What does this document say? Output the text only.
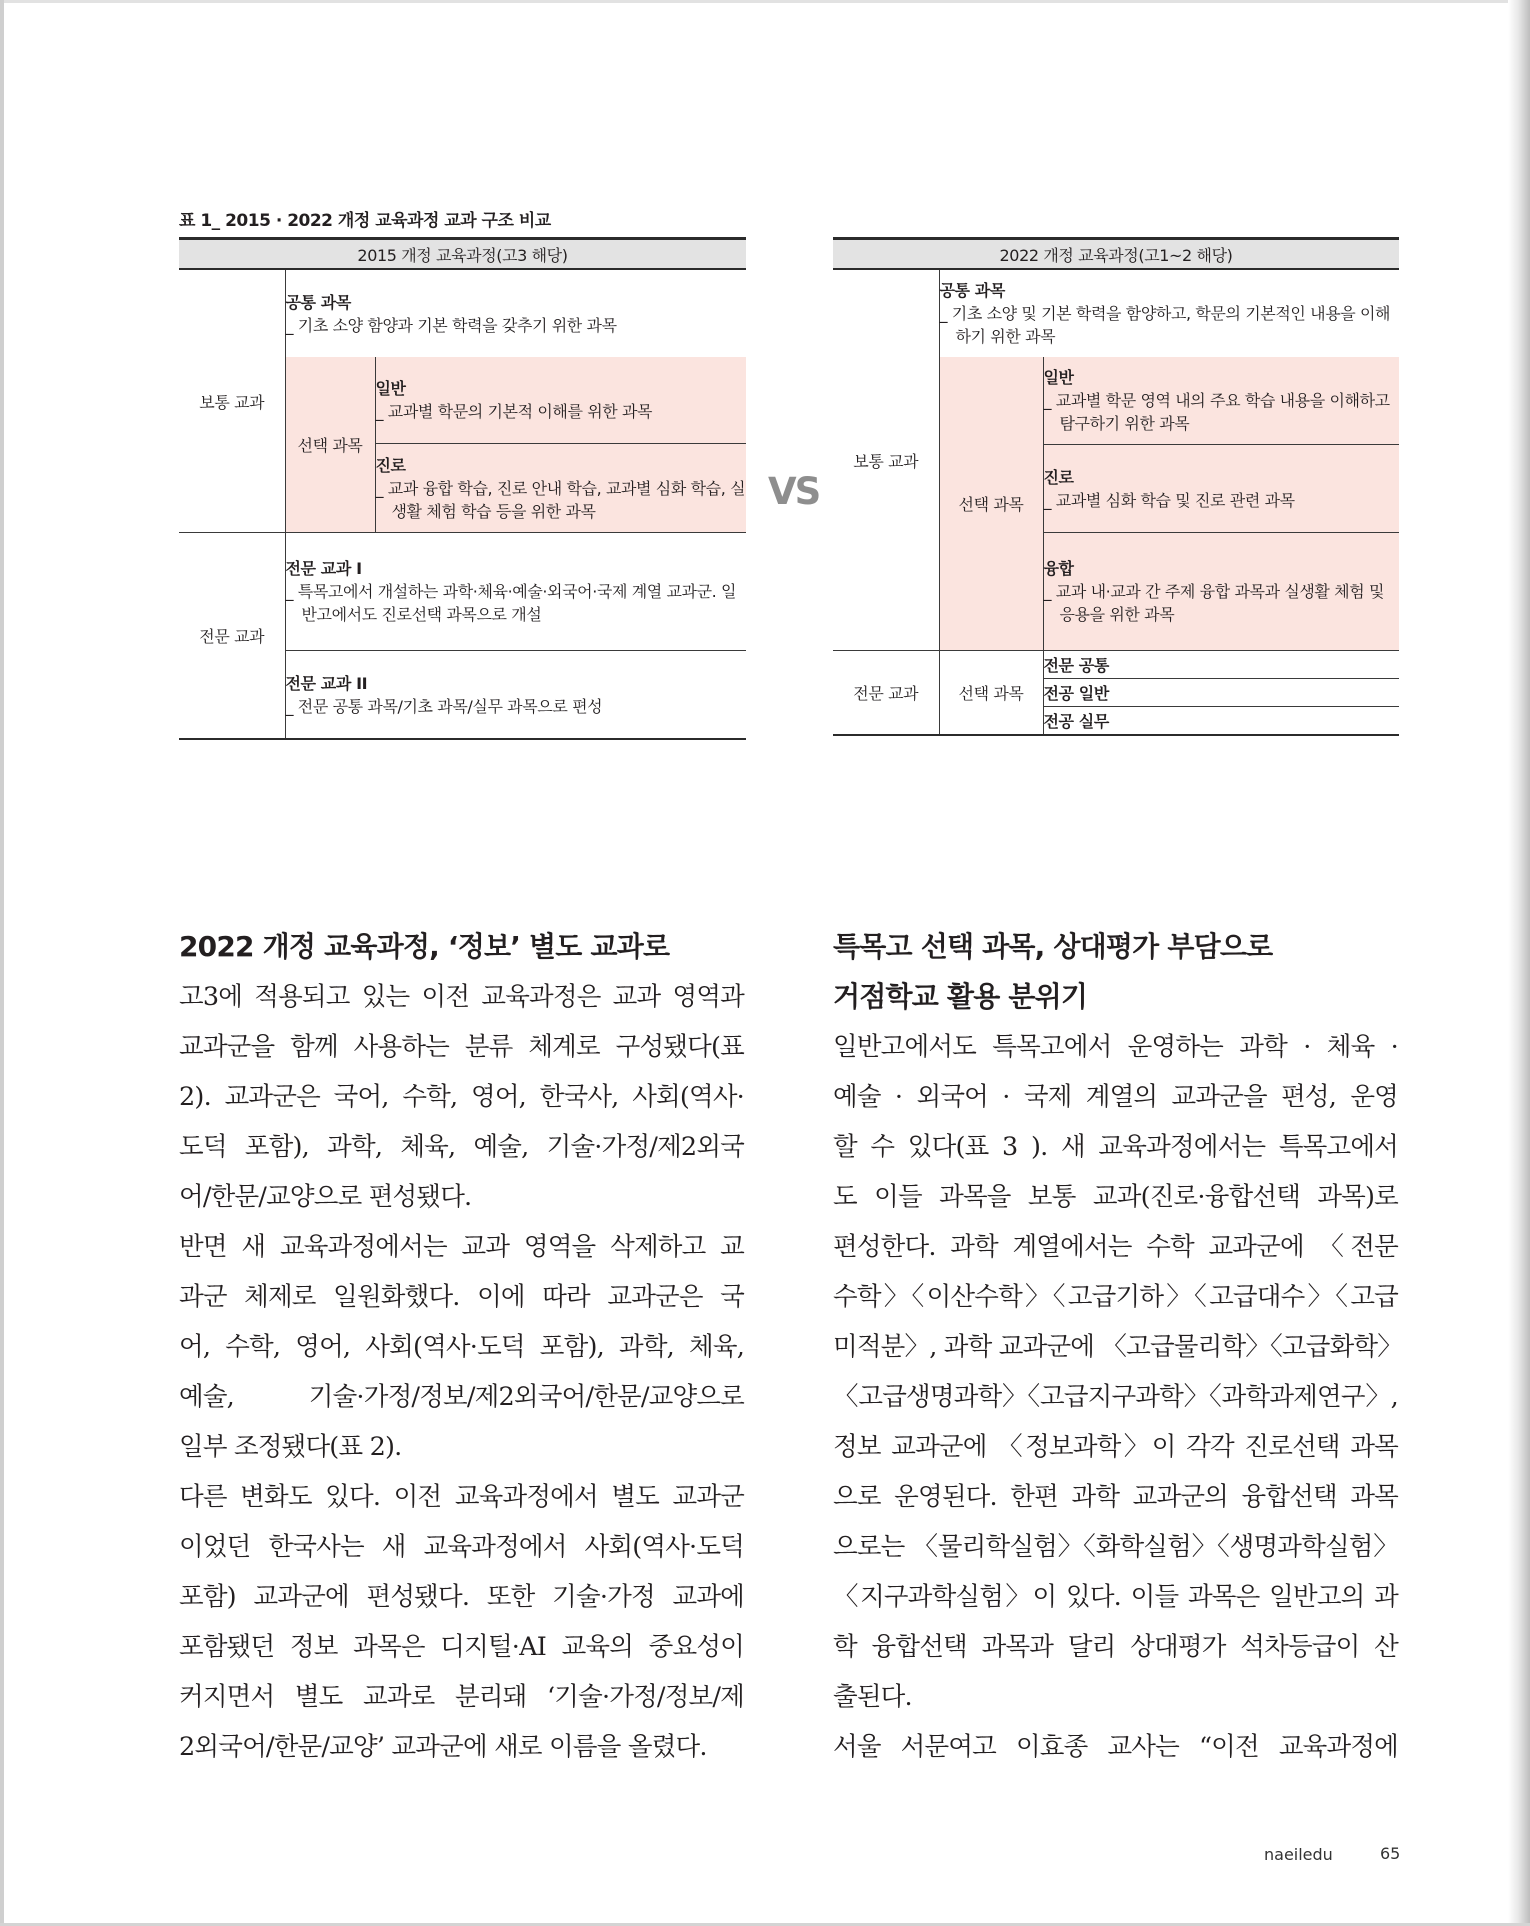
표 1_ 2015 · 2022 개정 교육과정 교과 구조 비교
2015 개정 교육과정(고3 해당)		
보통 교과	공통 과목
_ 기초 소양 함양과 기본 학력을 갖추기 위한 과목	

	선택 과목	일반
_ 교과별 학문의 기본적 이해를 위한 과목

		진로
_ 교과 융합 학습, 진로 안내 학습, 교과별 심화 학습, 실생활 체험 학습 등을 위한 과목

전문 교과	전문 교과 I
_ 특목고에서 개설하는 과학·체육·예술·외국어·국제 계열 교과군. 일반고에서도 진로선택 과목으로 개설	

	전문 교과 II
_ 전문 공통 과목/기초 과목/실무 과목으로 편성	
VS
2022 개정 교육과정(고1~2 해당)		
보통 교과	공통 과목
_ 기초 소양 및 기본 학력을 함양하고, 학문의 기본적인 내용을 이해하기 위한 과목	

	선택 과목	일반
_ 교과별 학문 영역 내의 주요 학습 내용을 이해하고 탐구하기 위한 과목

		진로
_ 교과별 심화 학습 및 진로 관련 과목

		융합
_ 교과 내·교과 간 주제 융합 과목과 실생활 체험 및 응용을 위한 과목

전문 교과	선택 과목	전문 공통
		전공 일반
		전공 실무
2022 개정 교육과정, ‘정보’ 별도 교과로
고3에 적용되고 있는 이전 교육과정은 교과 영역과
교과군을 함께 사용하는 분류 체계로 구성됐다(표
2). 교과군은 국어, 수학, 영어, 한국사, 사회(역사·
도덕 포함), 과학, 체육, 예술, 기술·가정/제2외국
어/한문/교양으로 편성됐다.
반면 새 교육과정에서는 교과 영역을 삭제하고 교
과군 체제로 일원화했다. 이에 따라 교과군은 국
어, 수학, 영어, 사회(역사·도덕 포함), 과학, 체육,
예술, 기술·가정/정보/제2외국어/한문/교양으로
일부 조정됐다(표 2).
다른 변화도 있다. 이전 교육과정에서 별도 교과군
이었던 한국사는 새 교육과정에서 사회(역사·도덕
포함) 교과군에 편성됐다. 또한 기술·가정 교과에
포함됐던 정보 과목은 디지털·AI 교육의 중요성이
커지면서 별도 교과로 분리돼 ‘기술·가정/정보/제
2외국어/한문/교양’ 교과군에 새로 이름을 올렸다.
특목고 선택 과목, 상대평가 부담으로
거점학교 활용 분위기
일반고에서도 특목고에서 운영하는 과학 · 체육 ·
예술 · 외국어 · 국제 계열의 교과군을 편성, 운영
할 수 있다(표 3 ). 새 교육과정에서는 특목고에서
도 이들 과목을 보통 교과(진로·융합선택 과목)로
편성한다. 과학 계열에서는 수학 교과군에 〈전문
수학〉〈이산수학〉〈고급기하〉〈고급대수〉〈고급
미적분〉, 과학 교과군에 〈고급물리학〉〈고급화학〉
〈고급생명과학〉〈고급지구과학〉〈과학과제연구〉,
정보 교과군에 〈정보과학〉이 각각 진로선택 과목
으로 운영된다. 한편 과학 교과군의 융합선택 과목
으로는 〈물리학실험〉〈화학실험〉〈생명과학실험〉
〈지구과학실험〉이 있다. 이들 과목은 일반고의 과
학 융합선택 과목과 달리 상대평가 석차등급이 산
출된다.
서울 서문여고 이효종 교사는 “이전 교육과정에
naeiledu	65
